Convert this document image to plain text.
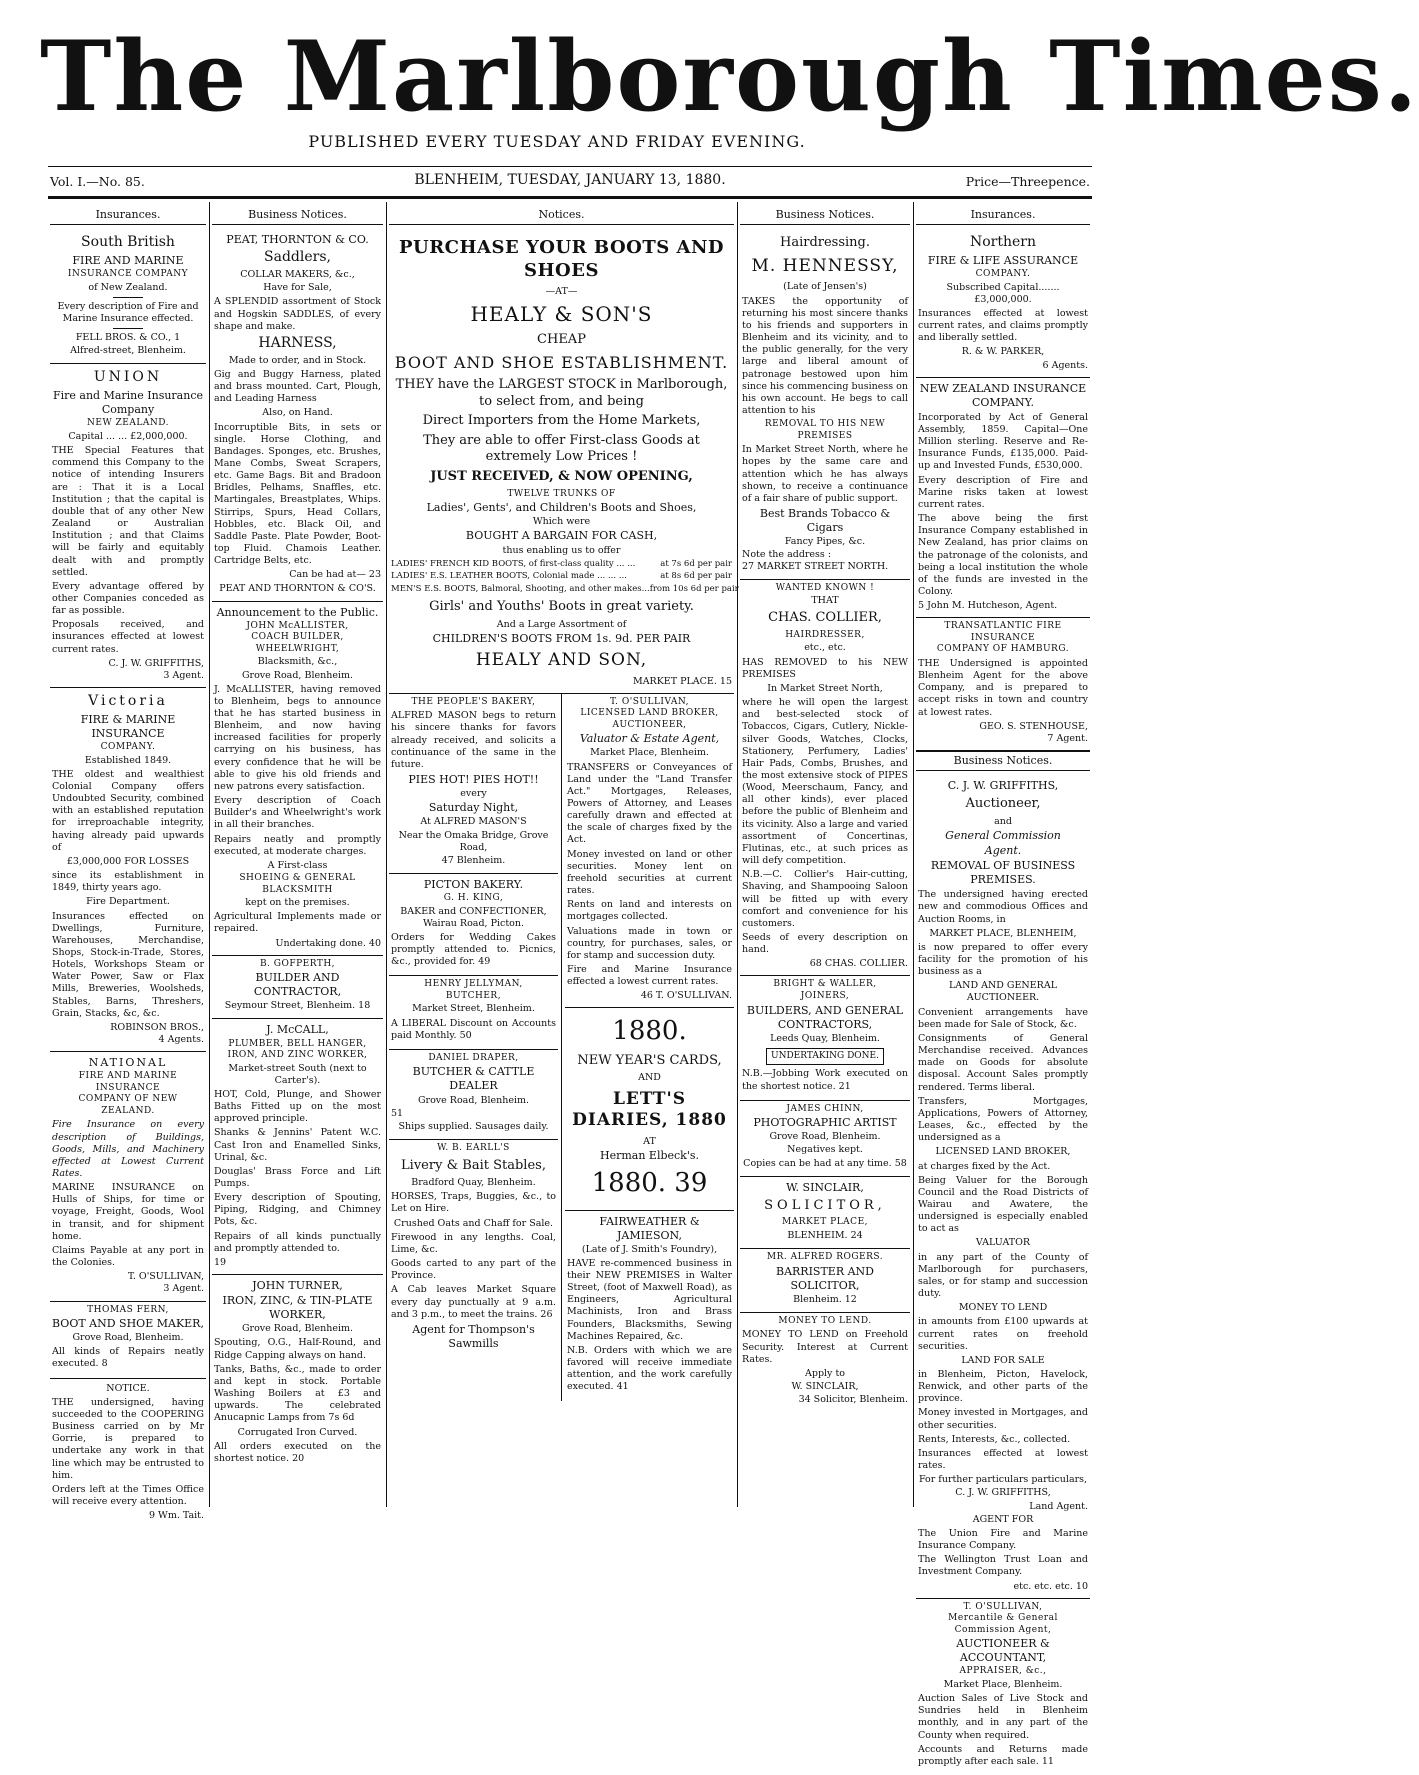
The Marlborough Times.
PUBLISHED EVERY TUESDAY AND FRIDAY EVENING.
Vol. I.—No. 85.	BLENHEIM, TUESDAY, JANUARY 13, 1880.	Price—Threepence.
Insurances.
South British
FIRE AND MARINE
INSURANCE COMPANY
of New Zealand.
Every description of Fire and Marine Insurance effected.
FELL BROS. & CO., 1
Alfred-street, Blenheim.
UNION
Fire and Marine Insurance Company
NEW ZEALAND.
Capital ... ... £2,000,000.
THE Special Features that commend this Company to the notice of intending Insurers are : That it is a Local Institution ; that the capital is double that of any other New Zealand or Australian Institution ; and that Claims will be fairly and equitably dealt with and promptly settled.
Every advantage offered by other Companies conceded as far as possible.
Proposals received, and insurances effected at lowest current rates.
C. J. W. GRIFFITHS,
3 Agent.
Victoria
FIRE & MARINE INSURANCE
COMPANY.
Established 1849.
THE oldest and wealthiest Colonial Company offers Undoubted Security, combined with an established reputation for irreproachable integrity, having already paid upwards of
£3,000,000 FOR LOSSES
since its establishment in 1849, thirty years ago.
Fire Department.
Insurances effected on Dwellings, Furniture, Warehouses, Merchandise, Shops, Stock-in-Trade, Stores, Hotels, Workshops Steam or Water Power, Saw or Flax Mills, Breweries, Woolsheds, Stables, Barns, Threshers, Grain, Stacks, &c, &c.
ROBINSON BROS.,
4 Agents.
NATIONAL
FIRE AND MARINE INSURANCE
COMPANY OF NEW ZEALAND.
Fire Insurance on every description of Buildings, Goods, Mills, and Machinery effected at Lowest Current Rates.
MARINE INSURANCE on Hulls of Ships, for time or voyage, Freight, Goods, Wool in transit, and for shipment home.
Claims Payable at any port in the Colonies.
T. O'SULLIVAN,
3 Agent.
THOMAS FERN,
BOOT AND SHOE MAKER,
Grove Road, Blenheim.
All kinds of Repairs neatly executed. 8
NOTICE.
THE undersigned, having succeeded to the COOPERING Business carried on by Mr Gorrie, is prepared to undertake any work in that line which may be entrusted to him.
Orders left at the Times Office will receive every attention.
9 Wm. Tait.
Business Notices.
PEAT, THORNTON & CO.
Saddlers,
COLLAR MAKERS, &c.,
Have for Sale,
A SPLENDID assortment of Stock and Hogskin SADDLES, of every shape and make.
HARNESS,
Made to order, and in Stock.
Gig and Buggy Harness, plated and brass mounted. Cart, Plough, and Leading Harness
Also, on Hand.
Incorruptible Bits, in sets or single. Horse Clothing, and Bandages. Sponges, etc. Brushes, Mane Combs, Sweat Scrapers, etc. Game Bags. Bit and Bradoon Bridles, Pelhams, Snaffles, etc. Martingales, Breastplates, Whips. Stirrips, Spurs, Head Collars, Hobbles, etc. Black Oil, and Saddle Paste. Plate Powder, Boot-top Fluid. Chamois Leather. Cartridge Belts, etc.
Can be had at— 23
PEAT AND THORNTON & CO'S.
Announcement to the Public.
JOHN McALLISTER,
COACH BUILDER, WHEELWRIGHT,
Blacksmith, &c.,
Grove Road, Blenheim.
J. McALLISTER, having removed to Blenheim, begs to announce that he has started business in Blenheim, and now having increased facilities for properly carrying on his business, has every confidence that he will be able to give his old friends and new patrons every satisfaction.
Every description of Coach Builder's and Wheelwright's work in all their branches.
Repairs neatly and promptly executed, at moderate charges.
A First-class
SHOEING & GENERAL BLACKSMITH
kept on the premises.
Agricultural Implements made or repaired.
Undertaking done. 40
B. GOFPERTH,
BUILDER AND CONTRACTOR,
Seymour Street, Blenheim. 18
J. McCALL,
PLUMBER, BELL HANGER, IRON, AND ZINC WORKER,
Market-street South (next to Carter's).
HOT, Cold, Plunge, and Shower Baths Fitted up on the most approved principle.
Shanks & Jennins' Patent W.C. Cast Iron and Enamelled Sinks, Urinal, &c.
Douglas' Brass Force and Lift Pumps.
Every description of Spouting, Piping, Ridging, and Chimney Pots, &c.
Repairs of all kinds punctually and promptly attended to.
19
JOHN TURNER,
IRON, ZINC, & TIN-PLATE WORKER,
Grove Road, Blenheim.
Spouting, O.G., Half-Round, and Ridge Capping always on hand.
Tanks, Baths, &c., made to order and kept in stock. Portable Washing Boilers at £3 and upwards. The celebrated Anucapnic Lamps from 7s 6d
Corrugated Iron Curved.
All orders executed on the shortest notice. 20
Notices.
PURCHASE YOUR BOOTS AND SHOES
—AT—
HEALY & SON'S
CHEAP
BOOT AND SHOE ESTABLISHMENT.
THEY have the LARGEST STOCK in Marlborough, to select from, and being
Direct Importers from the Home Markets,
They are able to offer First-class Goods at extremely Low Prices !
JUST RECEIVED, & NOW OPENING,
TWELVE TRUNKS OF
Ladies', Gents', and Children's Boots and Shoes,
Which were
BOUGHT A BARGAIN FOR CASH,
thus enabling us to offer
LADIES' FRENCH KID BOOTS, of first-class quality ... ...	at 7s 6d per pair
LADIES' E.S. LEATHER BOOTS, Colonial made ... ... ...	at 8s 6d per pair
MEN'S E.S. BOOTS, Balmoral, Shooting, and other makes... from 10s 6d per pair
Girls' and Youths' Boots in great variety.
And a Large Assortment of
CHILDREN'S BOOTS FROM 1s. 9d. PER PAIR
HEALY AND SON,
MARKET PLACE. 15
THE PEOPLE'S BAKERY,
ALFRED MASON begs to return his sincere thanks for favors already received, and solicits a continuance of the same in the future.
PIES HOT! PIES HOT!!
every
Saturday Night,
At ALFRED MASON'S
Near the Omaka Bridge, Grove Road,
47 Blenheim.
PICTON BAKERY.
G. H. KING,
BAKER and CONFECTIONER, Wairau Road, Picton.
Orders for Wedding Cakes promptly attended to. Picnics, &c., provided for. 49
HENRY JELLYMAN,
BUTCHER,
Market Street, Blenheim.
A LIBERAL Discount on Accounts paid Monthly. 50
DANIEL DRAPER,
BUTCHER & CATTLE DEALER
Grove Road, Blenheim.
51
Ships supplied. Sausages daily.
W. B. EARLL'S
Livery & Bait Stables,
Bradford Quay, Blenheim.
HORSES, Traps, Buggies, &c., to Let on Hire.
Crushed Oats and Chaff for Sale.
Firewood in any lengths. Coal, Lime, &c.
Goods carted to any part of the Province.
A Cab leaves Market Square every day punctually at 9 a.m. and 3 p.m., to meet the trains. 26
Agent for Thompson's Sawmills
T. O'SULLIVAN,
LICENSED LAND BROKER,
AUCTIONEER,
Valuator & Estate Agent,
Market Place, Blenheim.
TRANSFERS or Conveyances of Land under the "Land Transfer Act." Mortgages, Releases, Powers of Attorney, and Leases carefully drawn and effected at the scale of charges fixed by the Act.
Money invested on land or other securities. Money lent on freehold securities at current rates.
Rents on land and interests on mortgages collected.
Valuations made in town or country, for purchases, sales, or for stamp and succession duty.
Fire and Marine Insurance effected a lowest current rates.
46 T. O'SULLIVAN.
1880.
NEW YEAR'S CARDS,
AND
LETT'S DIARIES, 1880
AT
Herman Elbeck's.
1880. 39
FAIRWEATHER & JAMIESON,
(Late of J. Smith's Foundry),
HAVE re-commenced business in their NEW PREMISES in Walter Street, (foot of Maxwell Road), as Engineers, Agricultural Machinists, Iron and Brass Founders, Blacksmiths, Sewing Machines Repaired, &c.
N.B. Orders with which we are favored will receive immediate attention, and the work carefully executed. 41
Business Notices.
Hairdressing.
M. HENNESSY,
(Late of Jensen's)
TAKES the opportunity of returning his most sincere thanks to his friends and supporters in Blenheim and its vicinity, and to the public generally, for the very large and liberal amount of patronage bestowed upon him since his commencing business on his own account. He begs to call attention to his
REMOVAL TO HIS NEW PREMISES
In Market Street North, where he hopes by the same care and attention which he has always shown, to receive a continuance of a fair share of public support.
Best Brands Tobacco & Cigars
Fancy Pipes, &c.
Note the address :
27 MARKET STREET NORTH.
WANTED KNOWN !
THAT
CHAS. COLLIER,
HAIRDRESSER,
etc., etc.
HAS REMOVED to his NEW PREMISES
In Market Street North,
where he will open the largest and best-selected stock of Tobaccos, Cigars, Cutlery, Nickle-silver Goods, Watches, Clocks, Stationery, Perfumery, Ladies' Hair Pads, Combs, Brushes, and the most extensive stock of PIPES (Wood, Meerschaum, Fancy, and all other kinds), ever placed before the public of Blenheim and its vicinity. Also a large and varied assortment of Concertinas, Flutinas, etc., at such prices as will defy competition.
N.B.—C. Collier's Hair-cutting, Shaving, and Shampooing Saloon will be fitted up with every comfort and convenience for his customers.
Seeds of every description on hand.
68 CHAS. COLLIER.
BRIGHT & WALLER,
JOINERS,
BUILDERS, AND GENERAL CONTRACTORS,
Leeds Quay, Blenheim.
UNDERTAKING DONE.
N.B.—Jobbing Work executed on the shortest notice. 21
JAMES CHINN,
PHOTOGRAPHIC ARTIST
Grove Road, Blenheim.
Negatives kept.
Copies can be had at any time. 58
W. SINCLAIR,
SOLICITOR,
MARKET PLACE,
BLENHEIM. 24
MR. ALFRED ROGERS.
BARRISTER AND SOLICITOR,
Blenheim. 12
MONEY TO LEND.
MONEY TO LEND on Freehold Security. Interest at Current Rates.
Apply to
W. SINCLAIR,
34 Solicitor, Blenheim.
Insurances.
Northern
FIRE & LIFE ASSURANCE
COMPANY.
Subscribed Capital.......£3,000,000.
Insurances effected at lowest current rates, and claims promptly and liberally settled.
R. & W. PARKER,
6 Agents.
NEW ZEALAND INSURANCE COMPANY.
Incorporated by Act of General Assembly, 1859. Capital—One Million sterling. Reserve and Re-Insurance Funds, £135,000. Paid-up and Invested Funds, £530,000.
Every description of Fire and Marine risks taken at lowest current rates.
The above being the first Insurance Company established in New Zealand, has prior claims on the patronage of the colonists, and being a local institution the whole of the funds are invested in the Colony.
5 John M. Hutcheson, Agent.
TRANSATLANTIC FIRE INSURANCE
COMPANY OF HAMBURG.
THE Undersigned is appointed Blenheim Agent for the above Company, and is prepared to accept risks in town and country at lowest rates.
GEO. S. STENHOUSE,
7 Agent.
Business Notices.
C. J. W. GRIFFITHS,
Auctioneer,
and
General Commission
Agent.
REMOVAL OF BUSINESS PREMISES.
The undersigned having erected new and commodious Offices and Auction Rooms, in
MARKET PLACE, BLENHEIM,
is now prepared to offer every facility for the promotion of his business as a
LAND AND GENERAL AUCTIONEER.
Convenient arrangements have been made for Sale of Stock, &c.
Consignments of General Merchandise received. Advances made on Goods for absolute disposal. Account Sales promptly rendered. Terms liberal.
Transfers, Mortgages, Applications, Powers of Attorney, Leases, &c., effected by the undersigned as a
LICENSED LAND BROKER,
at charges fixed by the Act.
Being Valuer for the Borough Council and the Road Districts of Wairau and Awatere, the undersigned is especially enabled to act as
VALUATOR
in any part of the County of Marlborough for purchasers, sales, or for stamp and succession duty.
MONEY TO LEND
in amounts from £100 upwards at current rates on freehold securities.
LAND FOR SALE
in Blenheim, Picton, Havelock, Renwick, and other parts of the province.
Money invested in Mortgages, and other securities.
Rents, Interests, &c., collected.
Insurances effected at lowest rates.
For further particulars particulars,
C. J. W. GRIFFITHS,
Land Agent.
AGENT FOR
The Union Fire and Marine Insurance Company.
The Wellington Trust Loan and Investment Company.
etc. etc. etc. 10
T. O'SULLIVAN,
Mercantile & General Commission Agent,
AUCTIONEER & ACCOUNTANT,
APPRAISER, &c.,
Market Place, Blenheim.
Auction Sales of Live Stock and Sundries held in Blenheim monthly, and in any part of the County when required.
Accounts and Returns made promptly after each sale. 11
